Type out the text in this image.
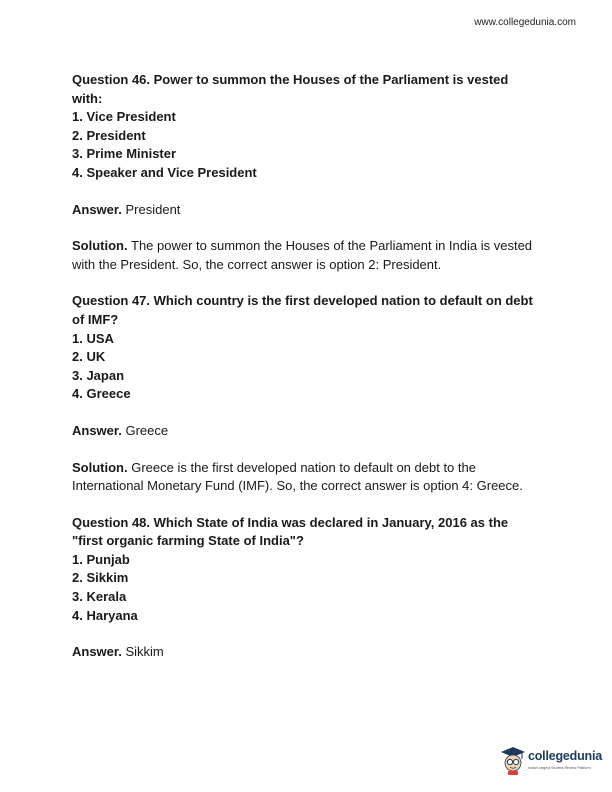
www.collegedunia.com

Question 46. Power to summon the Houses of the Parliament is vested with:

1. Vice President
2. President
3. Prime Minister
4. Speaker and Vice President

Answer. President

Solution. The power to summon the Houses of the Parliament in India is vested with the President. So, the correct answer is option 2: President.

Question 47. Which country is the first developed nation to default on debt of IMF?

1. USA
2. UK
3. Japan
4. Greece

Answer. Greece

Solution. Greece is the first developed nation to default on debt to the International Monetary Fund (IMF). So, the correct answer is option 4: Greece.

Question 48. Which State of India was declared in January, 2016 as the "first organic farming State of India"?

1. Punjab
2. Sikkim
3. Kerala
4. Haryana

Answer. Sikkim

collegedunia
India's largest Student Review Platform
